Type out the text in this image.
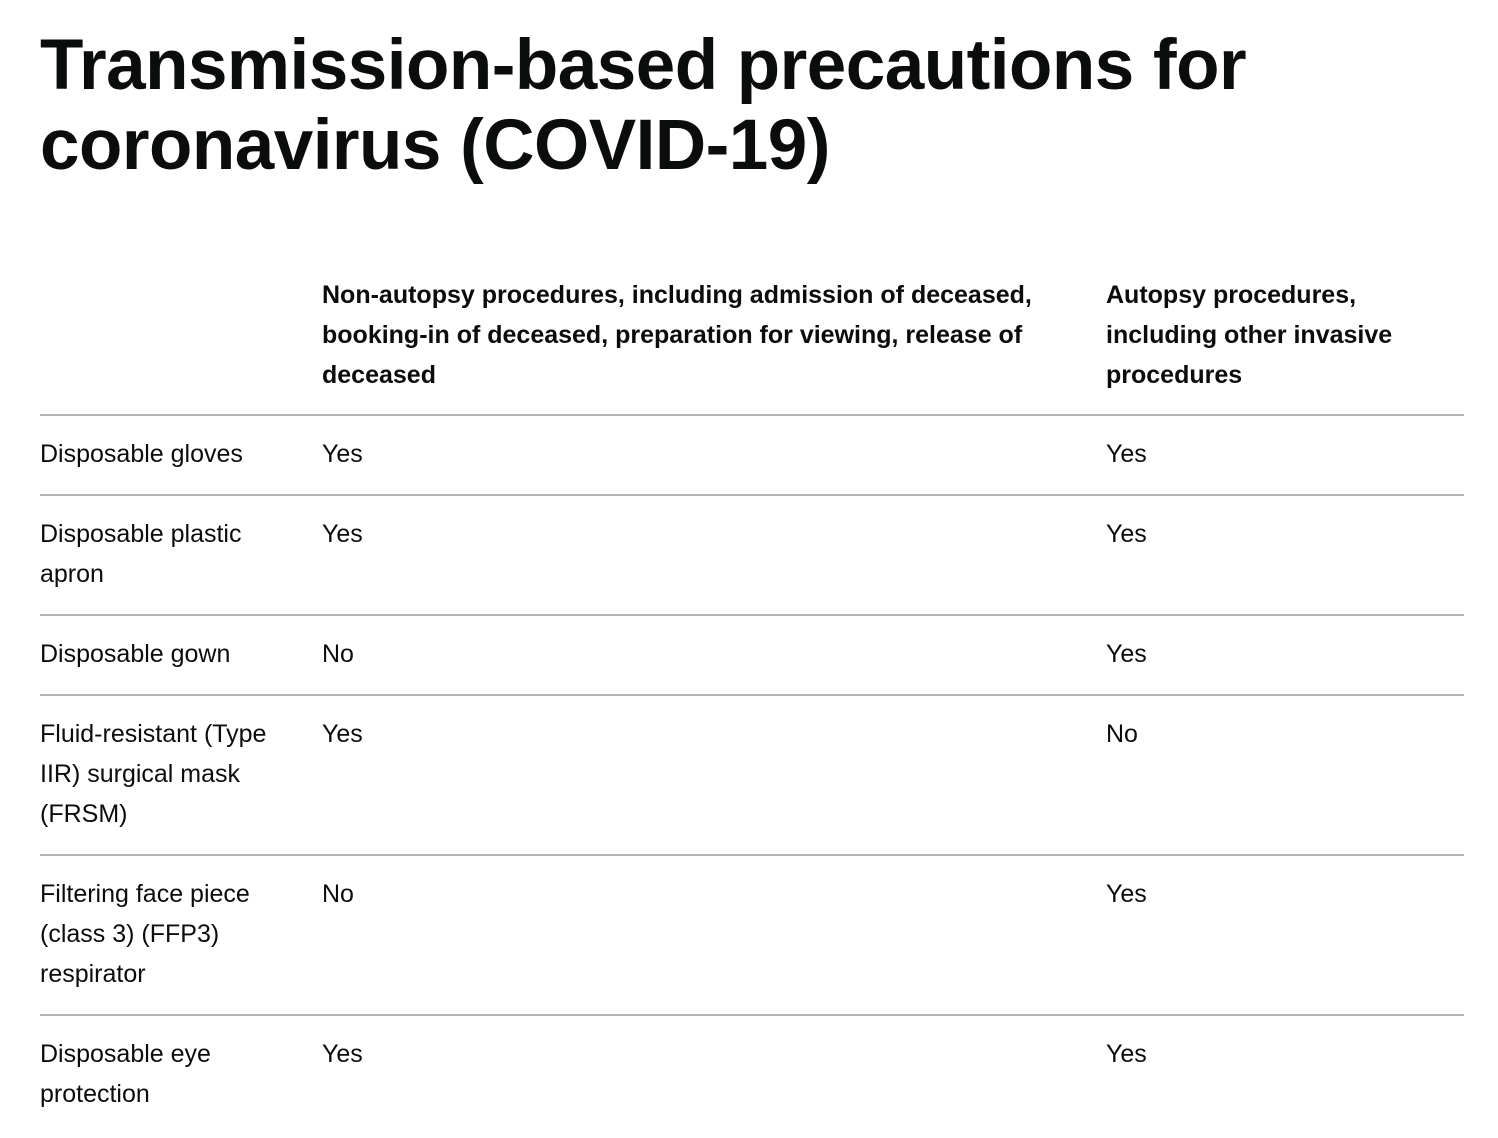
Transmission-based precautions for coronavirus (COVID-19)
	Non-autopsy procedures, including admission of deceased, booking-in of deceased, preparation for viewing, release of deceased	Autopsy procedures, including other invasive procedures
Disposable gloves	Yes	Yes
Disposable plastic apron	Yes	Yes
Disposable gown	No	Yes
Fluid-resistant (Type IIR) surgical mask (FRSM)	Yes	No
Filtering face piece (class 3) (FFP3) respirator	No	Yes
Disposable eye protection	Yes	Yes
